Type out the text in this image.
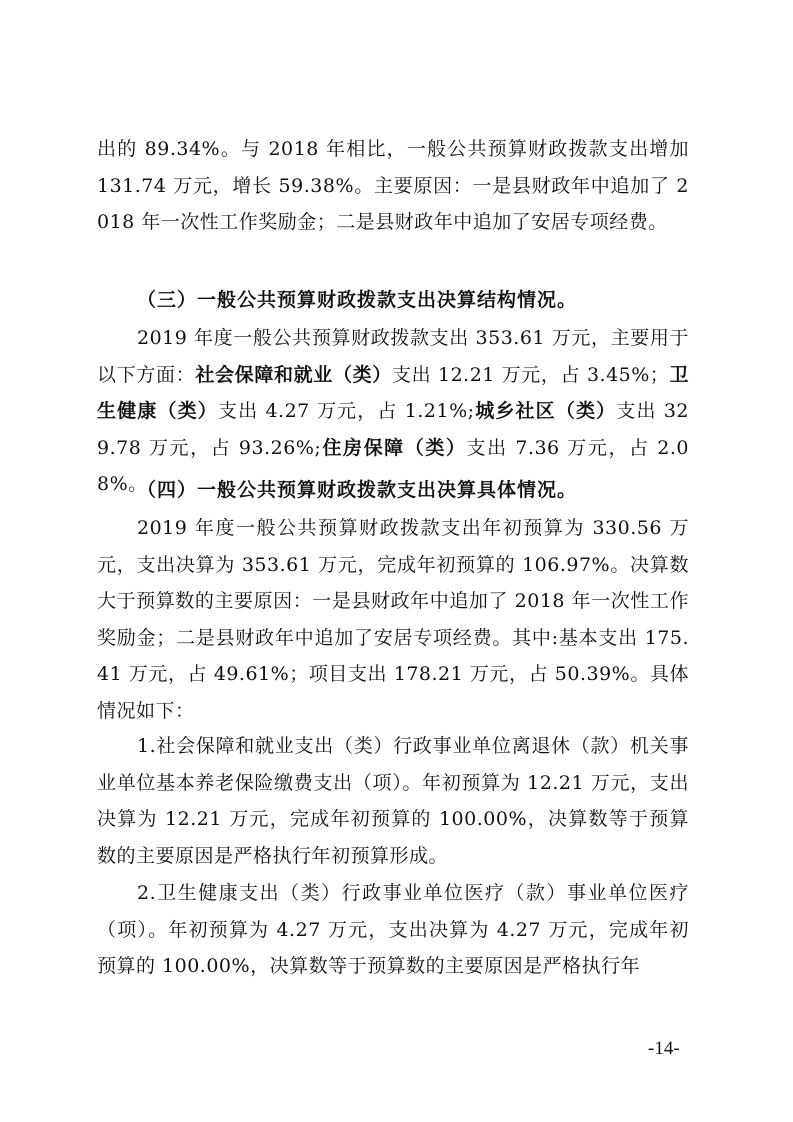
出的 89.34%。与 2018 年相比，一般公共预算财政拨款支出增加 131.74 万元，增长 59.38%。主要原因：一是县财政年中追加了 2018 年一次性工作奖励金；二是县财政年中追加了安居专项经费。

（三）一般公共预算财政拨款支出决算结构情况。

2019 年度一般公共预算财政拨款支出 353.61 万元，主要用于以下方面：社会保障和就业（类）支出 12.21 万元，占 3.45%；卫生健康（类）支出 4.27 万元，占 1.21%;城乡社区（类）支出 329.78 万元，占 93.26%;住房保障（类）支出 7.36 万元，占 2.08%。

（四）一般公共预算财政拨款支出决算具体情况。

2019 年度一般公共预算财政拨款支出年初预算为 330.56 万元，支出决算为 353.61 万元，完成年初预算的 106.97%。决算数大于预算数的主要原因：一是县财政年中追加了 2018 年一次性工作奖励金；二是县财政年中追加了安居专项经费。其中:基本支出 175.41 万元，占 49.61%；项目支出 178.21 万元，占 50.39%。具体情况如下：

1.社会保障和就业支出（类）行政事业单位离退休（款）机关事业单位基本养老保险缴费支出（项）。年初预算为 12.21 万元，支出决算为 12.21 万元，完成年初预算的 100.00%，决算数等于预算数的主要原因是严格执行年初预算形成。

2.卫生健康支出（类）行政事业单位医疗（款）事业单位医疗（项）。年初预算为 4.27 万元，支出决算为 4.27 万元，完成年初预算的 100.00%，决算数等于预算数的主要原因是严格执行年

-14-
